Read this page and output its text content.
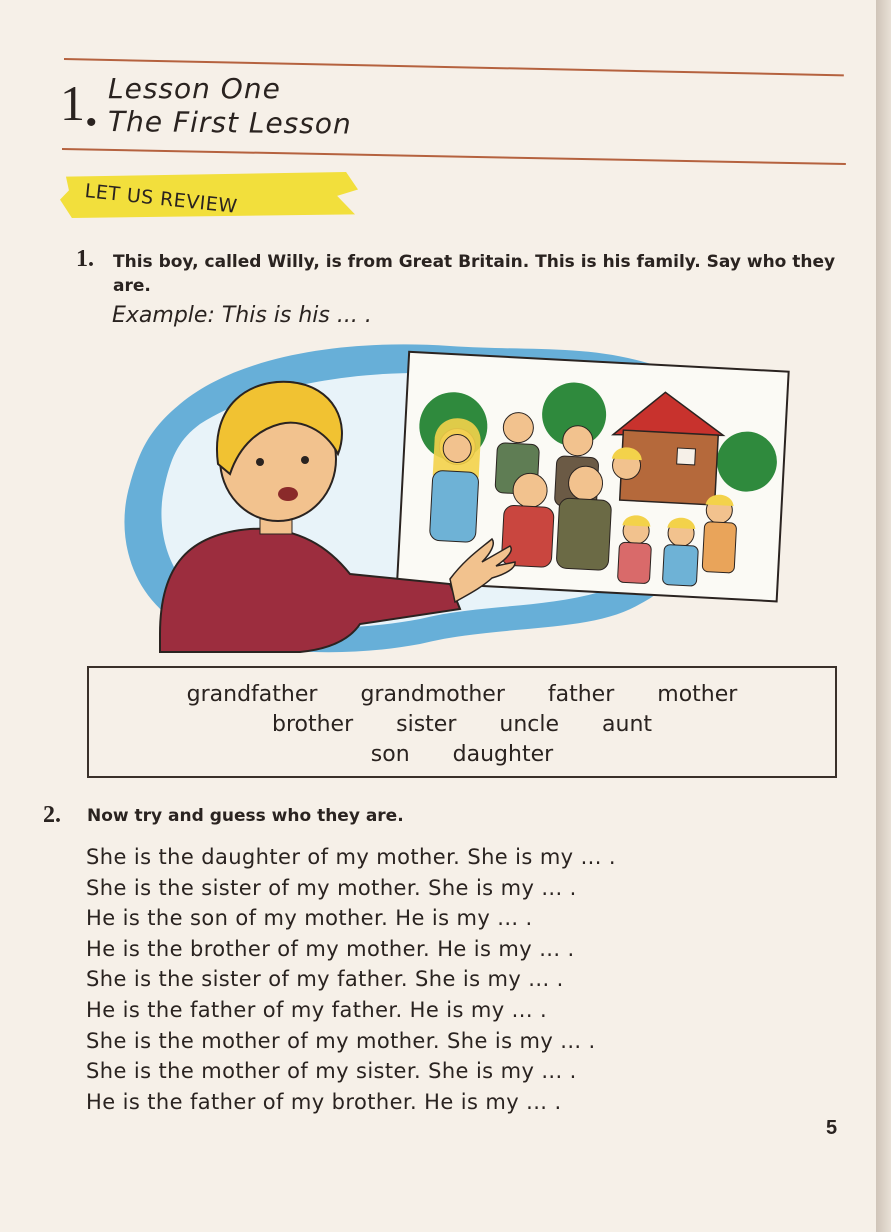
1 •
Lesson One
The First Lesson
LET US REVIEW
1. This boy, called Willy, is from Great Britain. This is his family. Say who they are.
Example: This is his ... .
grandfather grandmother father mother
brother sister uncle aunt
son daughter
2. Now try and guess who they are.
She is the daughter of my mother. She is my ... .
She is the sister of my mother. She is my ... .
He is the son of my mother. He is my ... .
He is the brother of my mother. He is my ... .
She is the sister of my father. She is my ... .
He is the father of my father. He is my ... .
She is the mother of my mother. She is my ... .
She is the mother of my sister. She is my ... .
He is the father of my brother. He is my ... .
5
